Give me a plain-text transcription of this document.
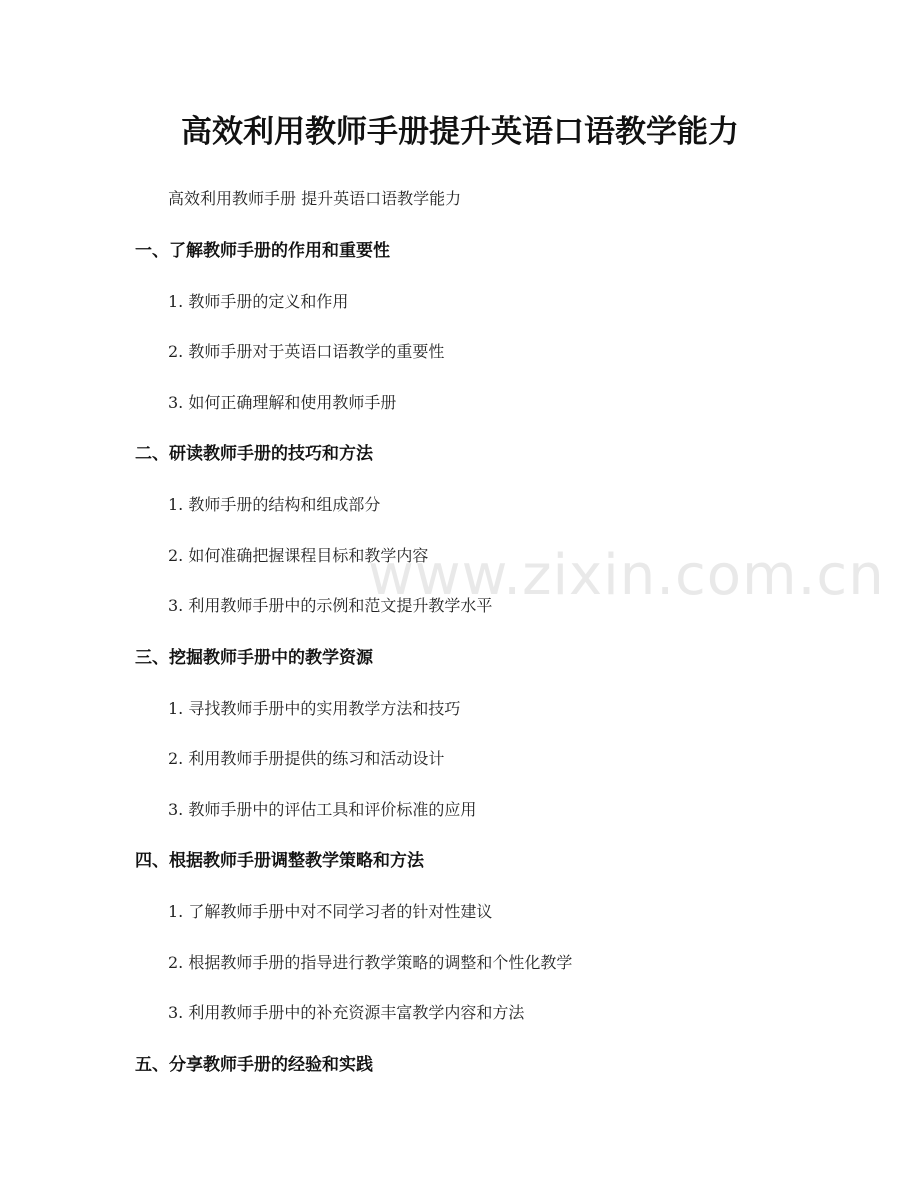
高效利用教师手册提升英语口语教学能力
高效利用教师手册 提升英语口语教学能力
一、了解教师手册的作用和重要性
1. 教师手册的定义和作用
2. 教师手册对于英语口语教学的重要性
3. 如何正确理解和使用教师手册
二、研读教师手册的技巧和方法
1. 教师手册的结构和组成部分
2. 如何准确把握课程目标和教学内容
3. 利用教师手册中的示例和范文提升教学水平
三、挖掘教师手册中的教学资源
1. 寻找教师手册中的实用教学方法和技巧
2. 利用教师手册提供的练习和活动设计
3. 教师手册中的评估工具和评价标准的应用
四、根据教师手册调整教学策略和方法
1. 了解教师手册中对不同学习者的针对性建议
2. 根据教师手册的指导进行教学策略的调整和个性化教学
3. 利用教师手册中的补充资源丰富教学内容和方法
五、分享教师手册的经验和实践
www.zixin.com.cn
